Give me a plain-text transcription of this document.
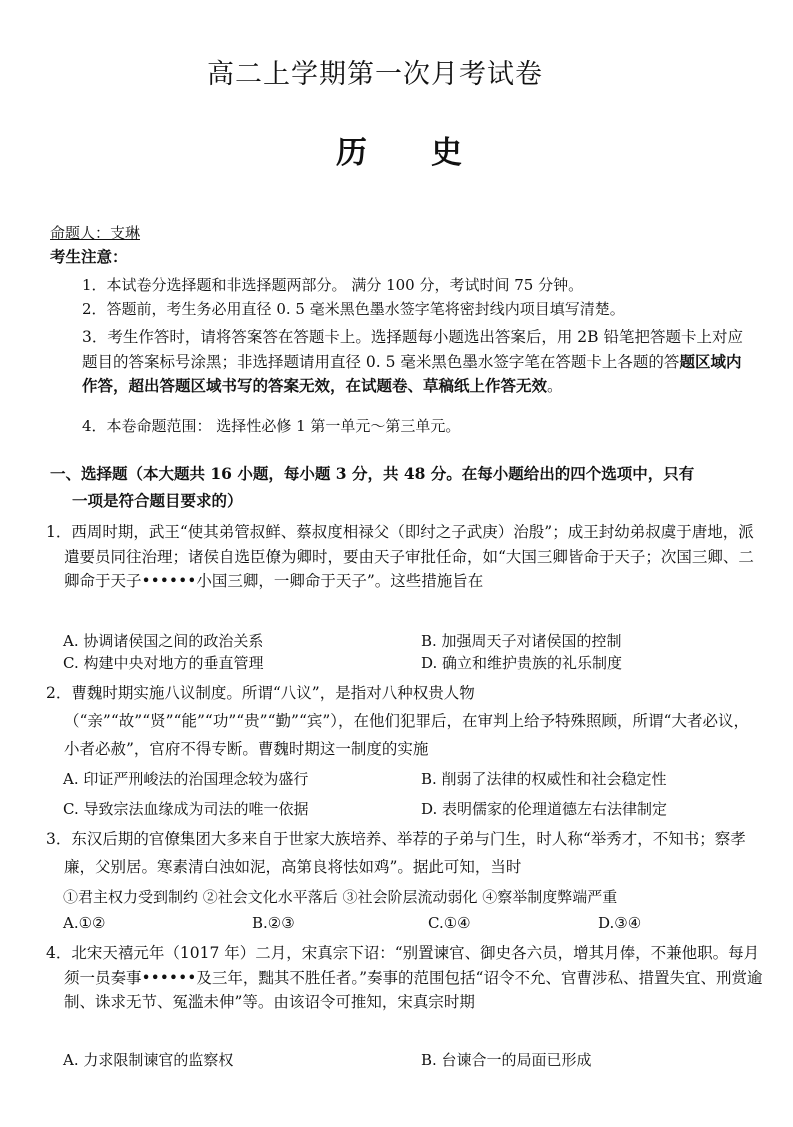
高二上学期第一次月考试卷
历 史
命题人：支琳
考生注意：
1．本试卷分选择题和非选择题两部分。 满分 100 分，考试时间 75 分钟。
2．答题前，考生务必用直径 0. 5 毫米黑色墨水签字笔将密封线内项目填写清楚。
3．考生作答时，请将答案答在答题卡上。选择题每小题选出答案后，用 2B 铅笔把答题卡上对应题目的答案标号涂黑；非选择题请用直径 0. 5 毫米黑色墨水签字笔在答题卡上各题的答题区域内作答，超出答题区域书写的答案无效，在试题卷、草稿纸上作答无效。
4．本卷命题范围： 选择性必修 1 第一单元～第三单元。
一、选择题（本大题共 16 小题，每小题 3 分，共 48 分。在每小题给出的四个选项中，只有
一项是符合题目要求的）
1．西周时期，武王“使其弟管叔鲜、蔡叔度相禄父（即纣之子武庚）治殷”；成王封幼弟叔虞于唐地，派遣要员同往治理；诸侯自选臣僚为卿时，要由天子审批任命，如“大国三卿皆命于天子；次国三卿、二卿命于天子••••••小国三卿，一卿命于天子”。这些措施旨在
A. 协调诸侯国之间的政治关系	B. 加强周天子对诸侯国的控制
C. 构建中央对地方的垂直管理	D. 确立和维护贵族的礼乐制度
2．曹魏时期实施八议制度。所谓“八议”，是指对八种权贵人物（“亲”“故”“贤”“能”“功”“贵”“勤”“宾”），在他们犯罪后，在审判上给予特殊照顾，所谓“大者必议，小者必赦”，官府不得专断。曹魏时期这一制度的实施
A. 印证严刑峻法的治国理念较为盛行	B. 削弱了法律的权威性和社会稳定性
C. 导致宗法血缘成为司法的唯一依据	D. 表明儒家的伦理道德左右法律制定
3．东汉后期的官僚集团大多来自于世家大族培养、举荐的子弟与门生，时人称“举秀才，不知书；察孝廉，父别居。寒素清白浊如泥，高第良将怯如鸡”。据此可知，当时
①君主权力受到制约 ②社会文化水平落后 ③社会阶层流动弱化 ④察举制度弊端严重
A.①②	B.②③	C.①④	D.③④
4．北宋天禧元年（1017 年）二月，宋真宗下诏：“别置谏官、御史各六员，增其月俸，不兼他职。每月须一员奏事••••••及三年，黜其不胜任者。”奏事的范围包括“诏令不允、官曹涉私、措置失宜、刑赏逾制、诛求无节、冤滥未伸”等。由该诏令可推知，宋真宗时期
A. 力求限制谏官的监察权	B. 台谏合一的局面已形成
